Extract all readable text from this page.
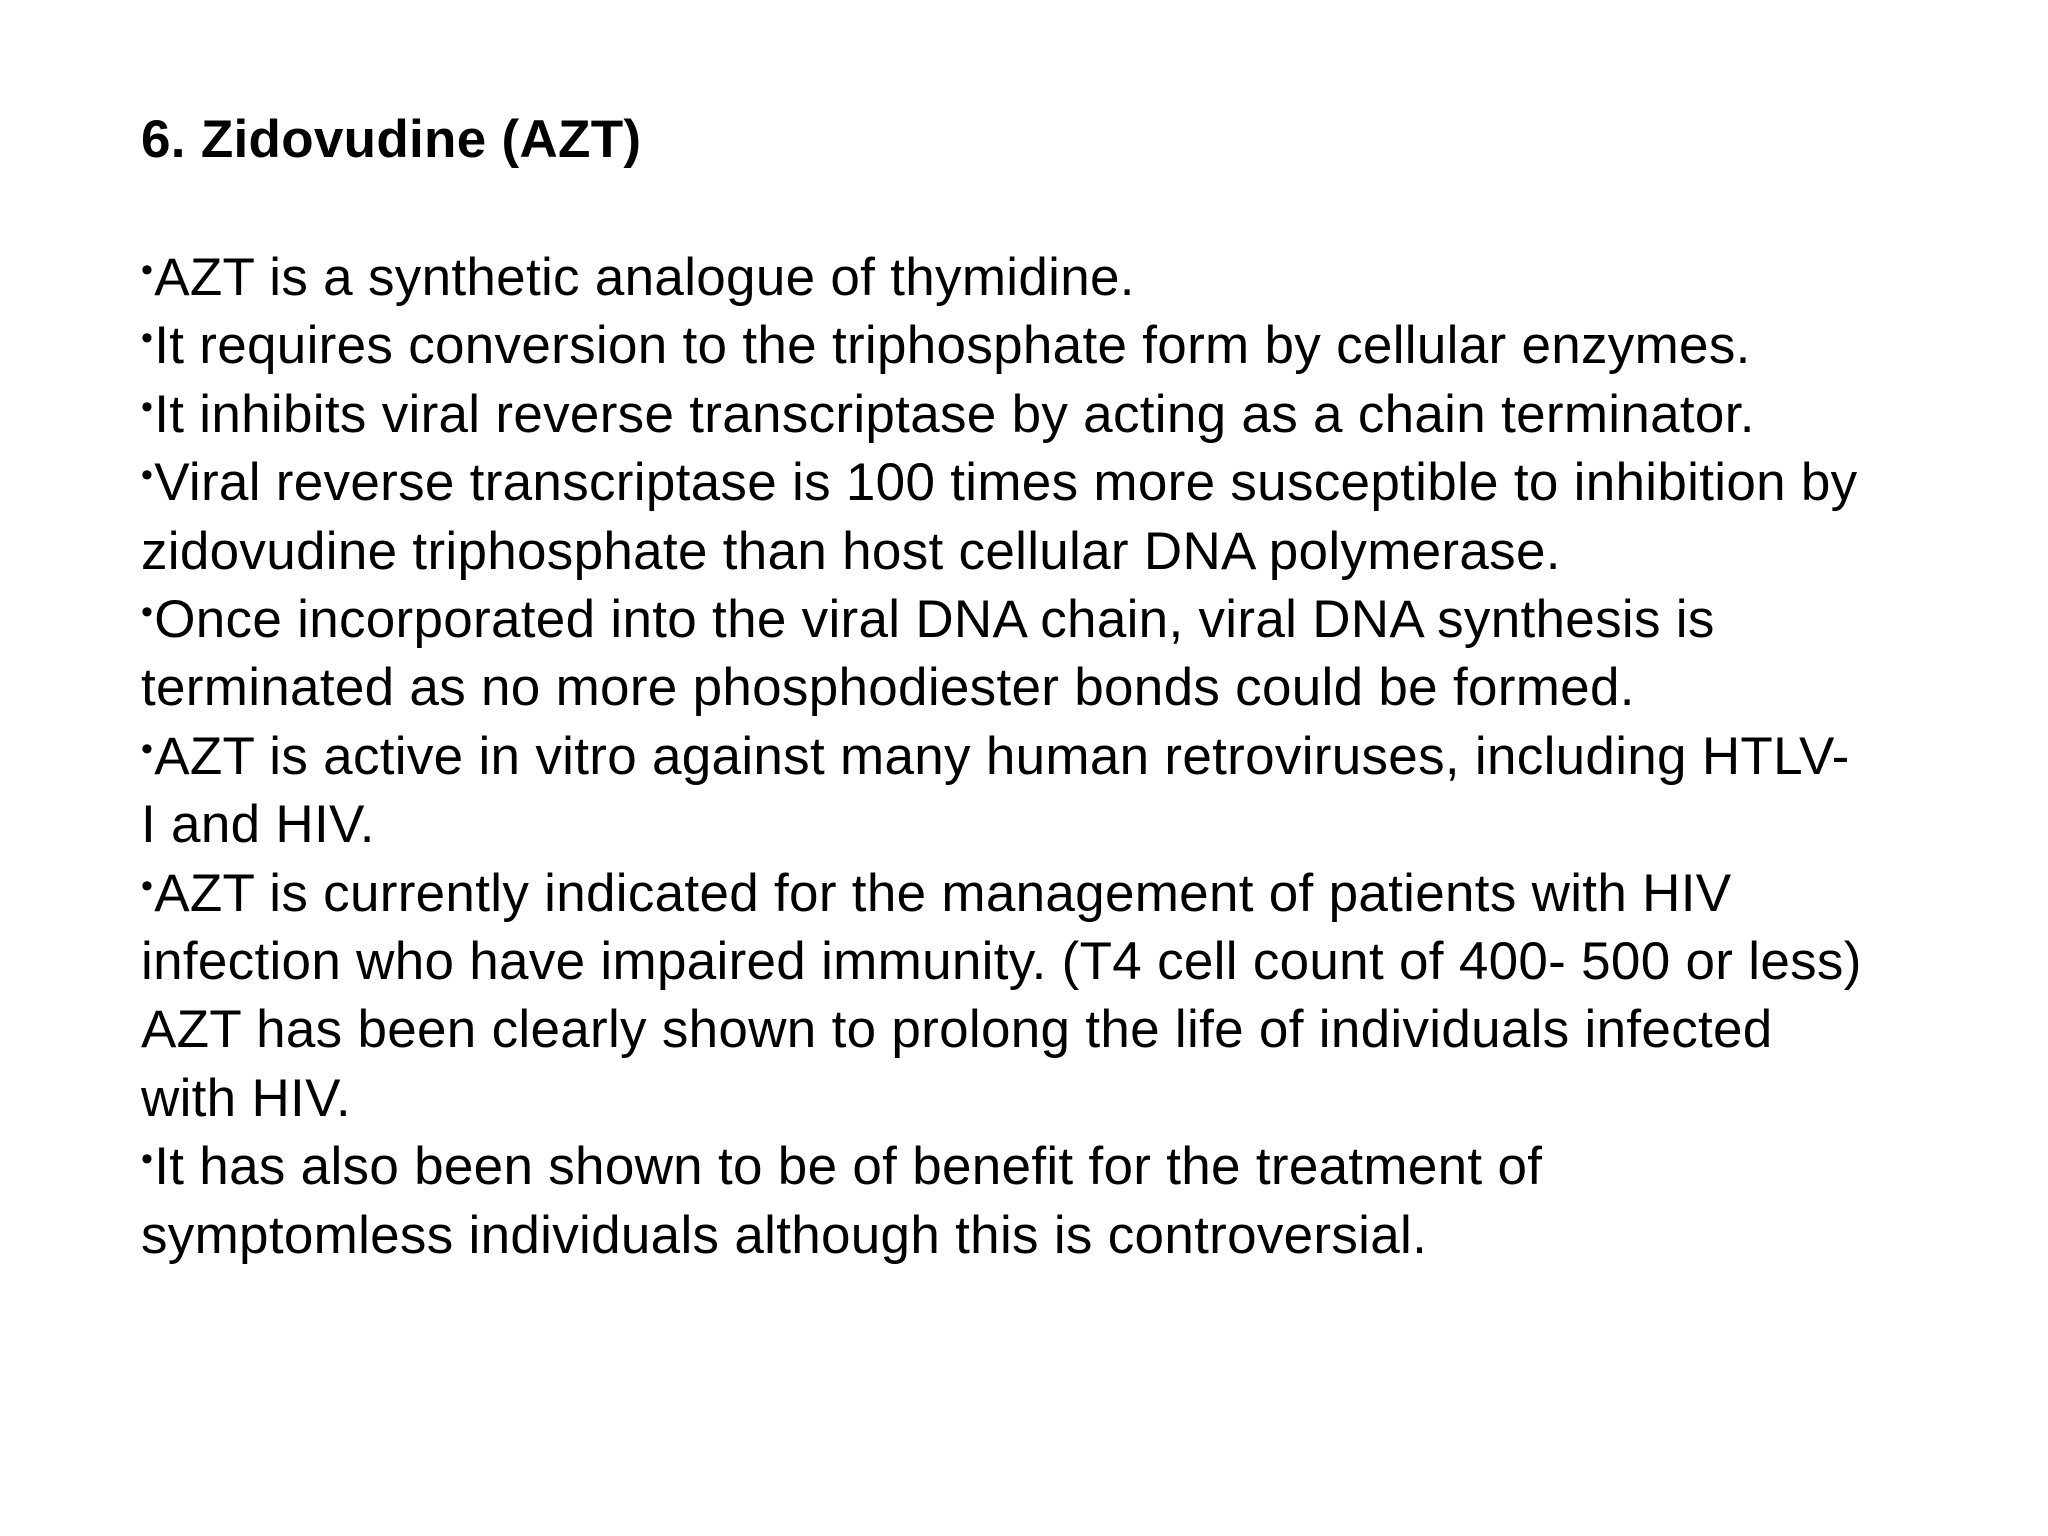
6. Zidovudine (AZT)
•AZT is a synthetic analogue of thymidine.
•It requires conversion to the triphosphate form by cellular enzymes.
•It inhibits viral reverse transcriptase by acting as a chain terminator.
•Viral reverse transcriptase is 100 times more susceptible to inhibition by
zidovudine triphosphate than host cellular DNA polymerase.
•Once incorporated into the viral DNA chain, viral DNA synthesis is
terminated as no more phosphodiester bonds could be formed.
•AZT is active in vitro against many human retroviruses, including HTLV-
I and HIV.
•AZT is currently indicated for the management of patients with HIV
infection who have impaired immunity. (T4 cell count of 400- 500 or less)
AZT has been clearly shown to prolong the life of individuals infected
with HIV.
•It has also been shown to be of benefit for the treatment of
symptomless individuals although this is controversial.
